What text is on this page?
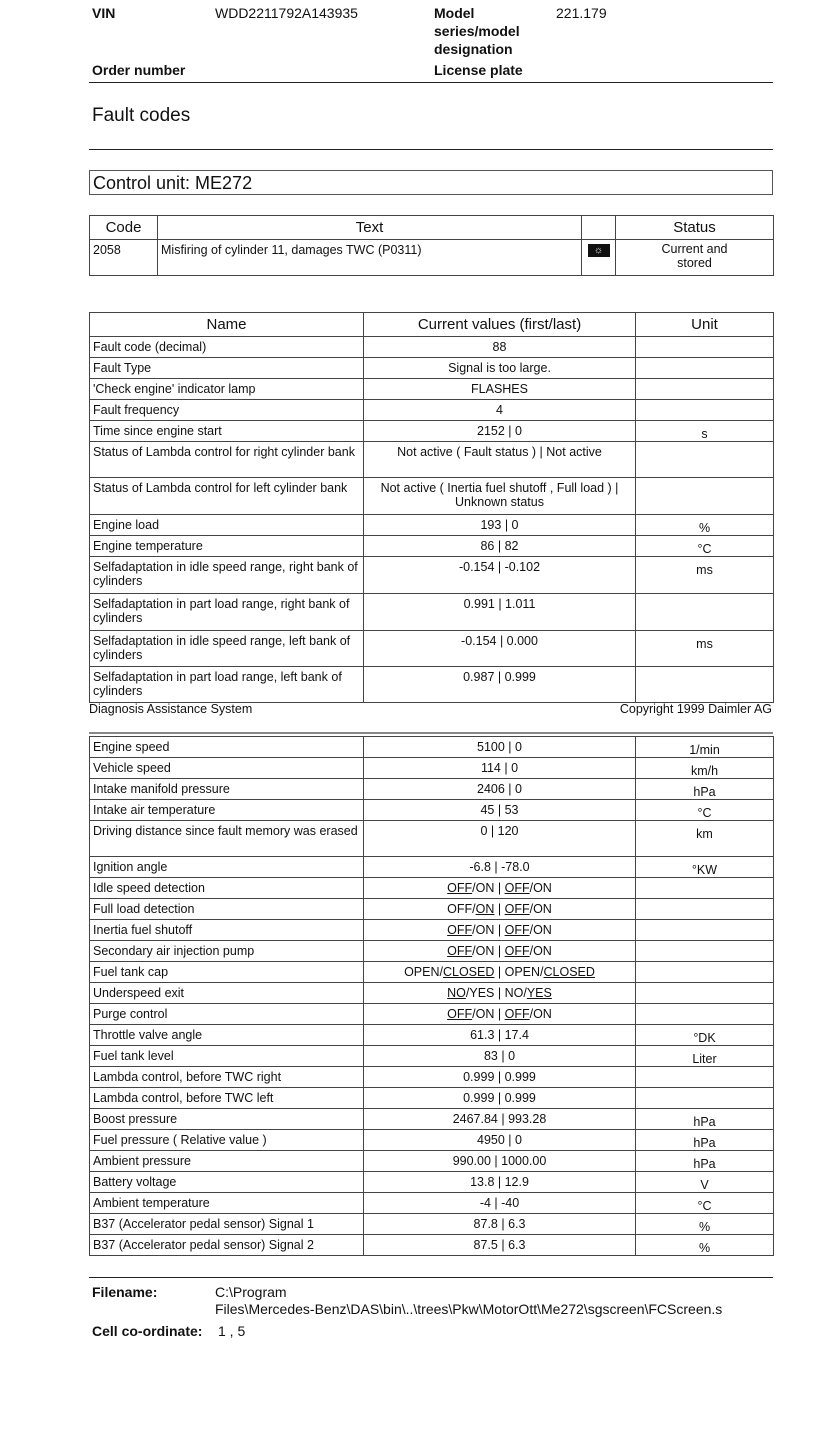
VIN	WDD2211792A143935	Model
series/model
designation
221.179
Order number	License plate
Fault codes
Control unit: ME272
Code	Text		Status
2058	Misfiring of cylinder 11, damages TWC (P0311)	☼	Current and
stored
Name	Current values (first/last)	Unit
Fault code (decimal)	88	
Fault Type	Signal is too large.	
'Check engine' indicator lamp	FLASHES	
Fault frequency	4	
Time since engine start	2152 | 0	s
Status of Lambda control for right cylinder bank	Not active ( Fault status ) | Not active	
Status of Lambda control for left cylinder bank	Not active ( Inertia fuel shutoff , Full load ) | Unknown status	
Engine load	193 | 0	%
Engine temperature	86 | 82	°C
Selfadaptation in idle speed range, right bank of cylinders	-0.154 | -0.102	ms
Selfadaptation in part load range, right bank of cylinders	0.991 | 1.011	
Selfadaptation in idle speed range, left bank of cylinders	-0.154 | 0.000	ms
Selfadaptation in part load range, left bank of cylinders	0.987 | 0.999	
Diagnosis Assistance System	Copyright 1999 Daimler AG
Engine speed	5100 | 0	1/min
Vehicle speed	114 | 0	km/h
Intake manifold pressure	2406 | 0	hPa
Intake air temperature	45 | 53	°C
Driving distance since fault memory was erased	0 | 120	km
Ignition angle	-6.8 | -78.0	°KW
Idle speed detection	OFF/ON | OFF/ON	
Full load detection	OFF/ON | OFF/ON	
Inertia fuel shutoff	OFF/ON | OFF/ON	
Secondary air injection pump	OFF/ON | OFF/ON	
Fuel tank cap	OPEN/CLOSED | OPEN/CLOSED	
Underspeed exit	NO/YES | NO/YES	
Purge control	OFF/ON | OFF/ON	
Throttle valve angle	61.3 | 17.4	°DK
Fuel tank level	83 | 0	Liter
Lambda control, before TWC right	0.999 | 0.999	
Lambda control, before TWC left	0.999 | 0.999	
Boost pressure	2467.84 | 993.28	hPa
Fuel pressure ( Relative value )	4950 | 0	hPa
Ambient pressure	990.00 | 1000.00	hPa
Battery voltage	13.8 | 12.9	V
Ambient temperature	-4 | -40	°C
B37 (Accelerator pedal sensor) Signal 1	87.8 | 6.3	%
B37 (Accelerator pedal sensor) Signal 2	87.5 | 6.3	%
Filename:	C:\Program
Files\Mercedes-Benz\DAS\bin\..\trees\Pkw\MotorOtt\Me272\sgscreen\FCScreen.s
Cell co-ordinate: 1 , 5
